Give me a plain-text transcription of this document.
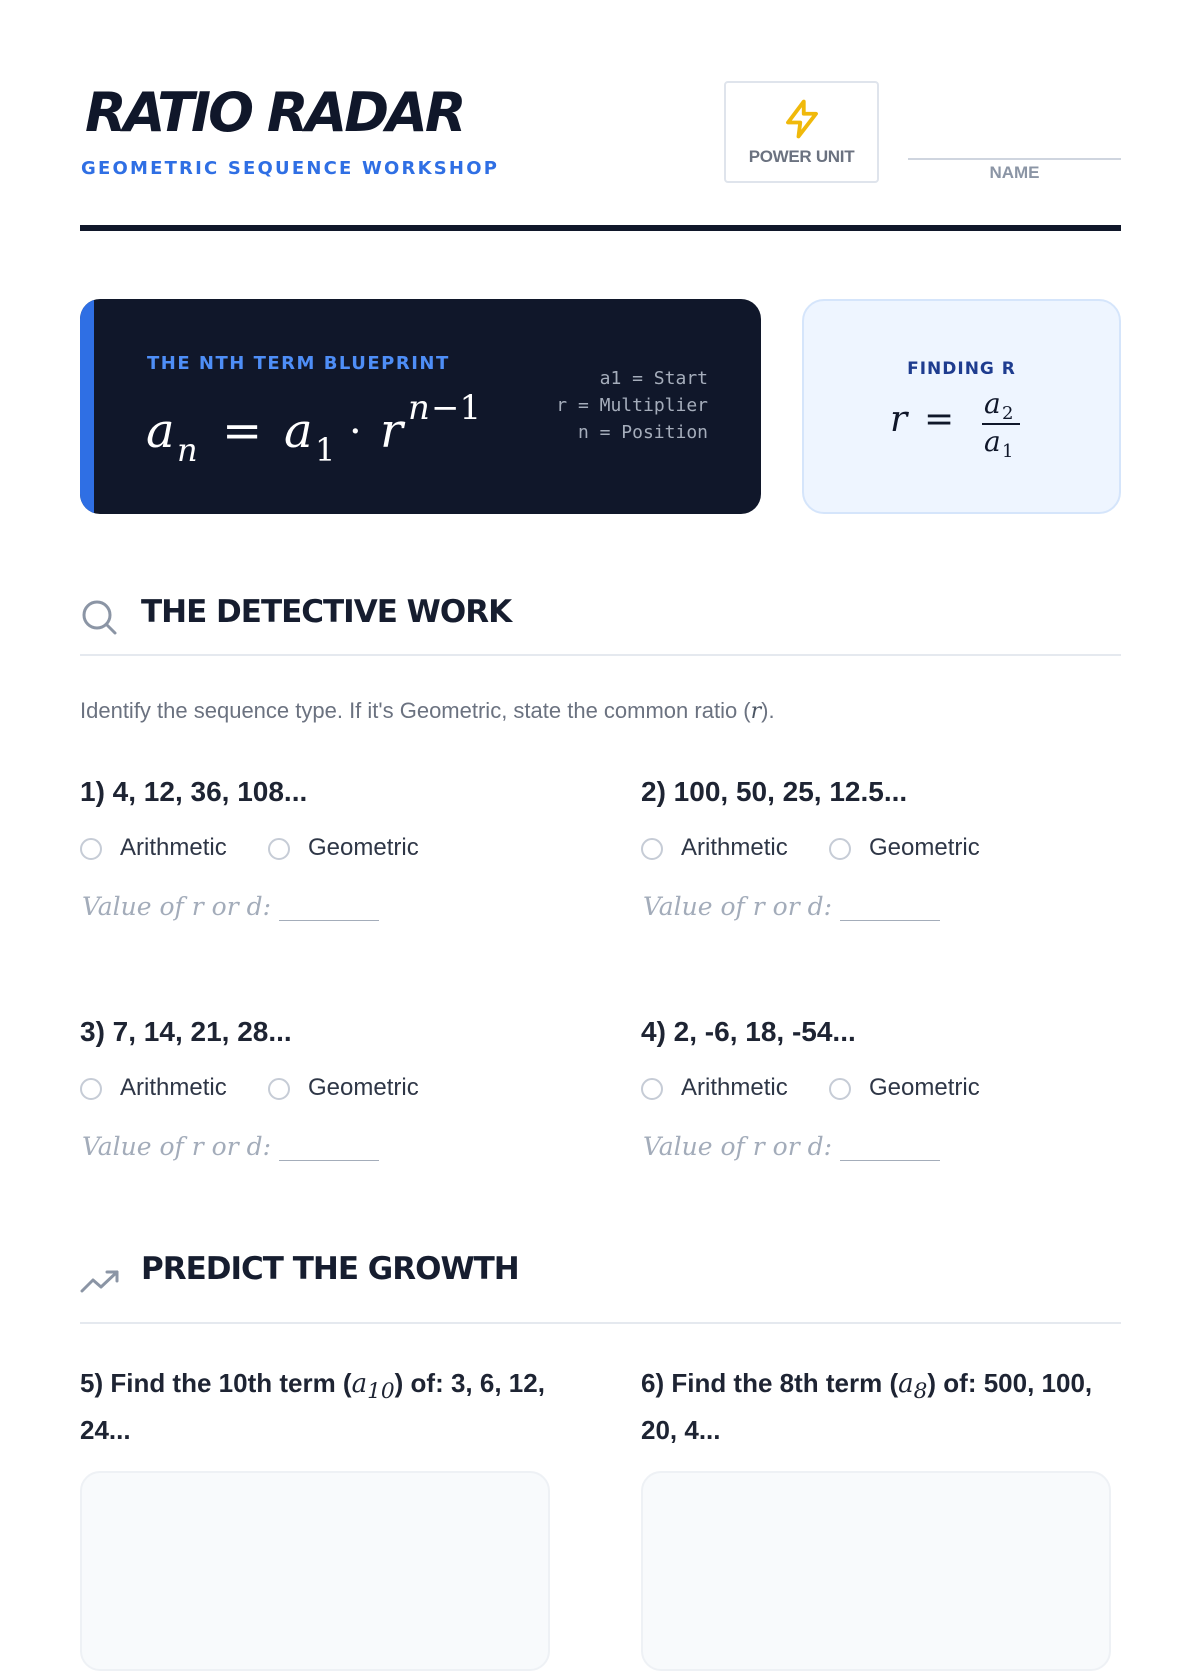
RATIO RADAR
GEOMETRIC SEQUENCE WORKSHOP
POWER UNIT
NAME
THE NTH TERM BLUEPRINT
a n = a 1 · r n −1
a1 = Start
r = Multiplier
n = Position
FINDING R
r = a 2
a 1
THE DETECTIVE WORK
Identify the sequence type. If it's Geometric, state the common ratio (r).

1) 4, 12, 36, 108...

Arithmetic	Geometric
Value of r or d: ________

2) 100, 50, 25, 12.5...

Arithmetic	Geometric
Value of r or d: ________

3) 7, 14, 21, 28...

Arithmetic	Geometric
Value of r or d: ________

4) 2, -6, 18, -54...

Arithmetic	Geometric
Value of r or d: ________
PREDICT THE GROWTH

5) Find the 10th term $(a_{10})$ of: 3, 6, 12, 24...

6) Find the 8th term $(a_8)$ of: 500, 100, 20, 4...
